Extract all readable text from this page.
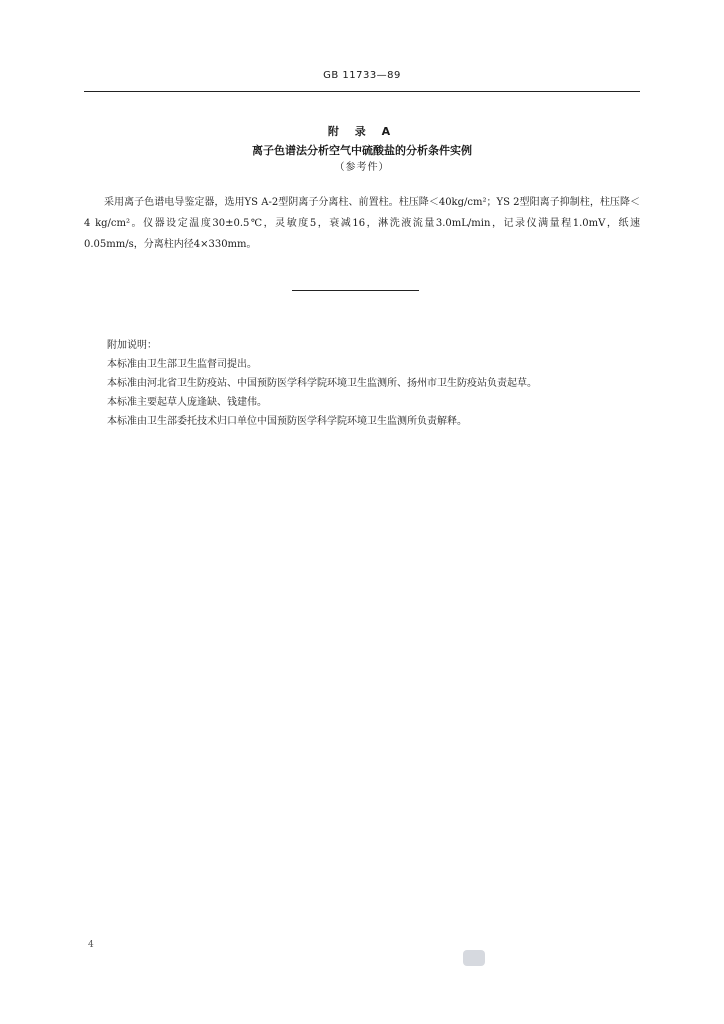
GB 11733—89
附 录 A
离子色谱法分析空气中硫酸盐的分析条件实例
（参考件）

采用离子色谱电导鉴定器，选用YS A-2型阴离子分离柱、前置柱。柱压降＜40kg/cm²；YS 2型阳离子抑制柱，柱压降＜4 kg/cm²。仪器设定温度30±0.5℃，灵敏度5，衰减16，淋洗液流量3.0mL/min，记录仪满量程1.0mV，纸速0.05mm/s，分离柱内径4×330mm。

附加说明：
本标准由卫生部卫生监督司提出。
本标准由河北省卫生防疫站、中国预防医学科学院环境卫生监测所、扬州市卫生防疫站负责起草。
本标准主要起草人庞逢缺、钱建伟。
本标准由卫生部委托技术归口单位中国预防医学科学院环境卫生监测所负责解释。
4
